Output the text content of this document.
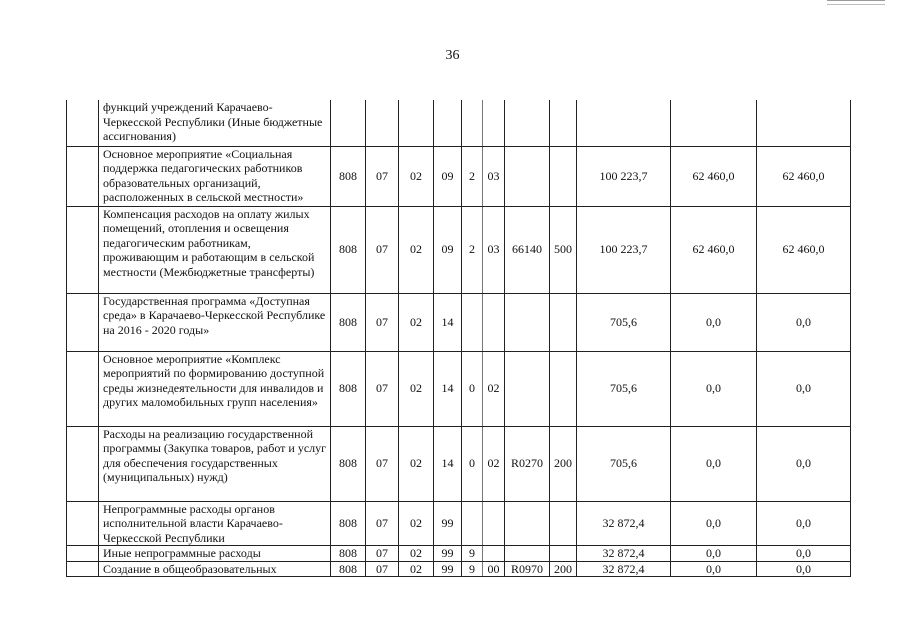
36
	функций учреждений Карачаево-Черкесской Республики (Иные бюджетные ассигнования)											
	Основное мероприятие «Социальная поддержка педагогических работников образовательных организаций, расположенных в сельской местности»	808	07	02	09	2	03			100 223,7	62 460,0	62 460,0
	Компенсация расходов на оплату жилых помещений, отопления и освещения педагогическим работникам, проживающим и работающим в сельской местности (Межбюджетные трансферты)	808	07	02	09	2	03	66140	500	100 223,7	62 460,0	62 460,0
	Государственная программа «Доступная среда» в Карачаево-Черкесской Республике на 2016 - 2020 годы»	808	07	02	14					705,6	0,0	0,0
	Основное мероприятие «Комплекс мероприятий по формированию доступной среды жизнедеятельности для инвалидов и других маломобильных групп населения»	808	07	02	14	0	02			705,6	0,0	0,0
	Расходы на реализацию государственной программы (Закупка товаров, работ и услуг для обеспечения государственных (муниципальных) нужд)	808	07	02	14	0	02	R0270	200	705,6	0,0	0,0
	Непрограммные расходы органов исполнительной власти Карачаево-Черкесской Республики	808	07	02	99					32 872,4	0,0	0,0
	Иные непрограммные расходы	808	07	02	99	9				32 872,4	0,0	0,0
	Создание в общеобразовательных	808	07	02	99	9	00	R0970	200	32 872,4	0,0	0,0
